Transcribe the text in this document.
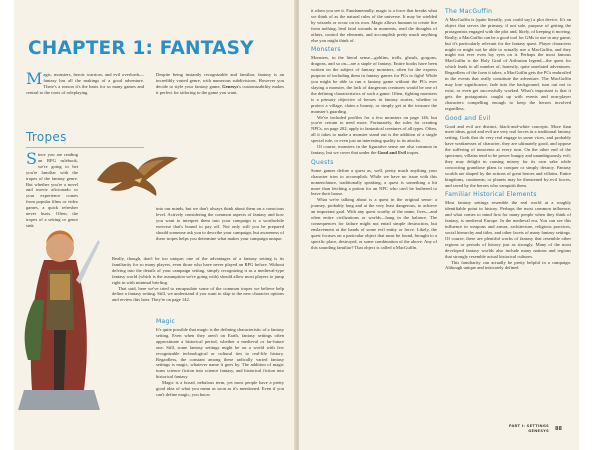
CHAPTER 1: FANTASY

Magic, monsters, heroic warriors, and evil overlords—fantasy has all the makings of a good adventure. There's a reason it's the basis for so many games and central to the roots of roleplaying.

Despite being instantly recognizable and familiar, fantasy is an incredibly varied genre, with numerous subdivisions. However you decide to style your fantasy game, Genesys's customizability makes it perfect for tailoring to the game you want.

Tropes

Since you are reading an RPG rulebook, we're going to bet you're familiar with the tropes of the fantasy genre. But whether you're a novel and movie aficionado or your experience comes from popular films or video games, a quick refresher never hurts. Often, the tropes of a setting or genre sink

into our minds, but we don't always think about them on a conscious level. Actively considering the common aspects of fantasy and how you want to interpret them into your campaign is a worthwhile exercise that's bound to pay off. Not only will you be prepared should someone ask you to describe your campaign, but awareness of these tropes helps you determine what makes your campaign unique.

Really, though, don't be too unique; one of the advantages of a fantasy setting is its familiarity for so many players, even those who have never played an RPG before. Without delving into the details of your campaign setting, simply recognizing it as a medieval-type fantasy world (which is the assumption we're going with) should allow most players to jump right in with minimal briefing.

That said, here we've tried to encapsulate some of the common tropes we believe help define a fantasy setting. Still, we understand if you want to skip to the new character options and review this later. They're on page 142.

Magic

It's quite possible that magic is the defining characteristic of a fantasy setting. Even when they aren't on Earth, fantasy settings often approximate a historical period, whether a medieval or far-future one. Still, some fantasy settings might be on a world with few recognizable technological or cultural ties to real-life history. Regardless, the constant among these radically varied fantasy settings is magic, whatever name it goes by. The addition of magic turns science fiction into science fantasy, and historical fiction into historical fantasy.

Magic is a broad, nebulous term, yet most people have a pretty good idea of what you mean as soon as it's mentioned. Even if you can't define magic, you know

it when you see it. Fundamentally, magic is a force that breaks what we think of as the natural rules of the universe. It may be wielded by wizards or occur on its own. Magic allows humans to create fire from nothing, heal fatal wounds in moments, read the thoughts of others, control the elements, and accomplish pretty much anything else you might think of.

Monsters

Monsters, in the literal sense—goblins, trolls, ghouls, gorgons, dragons, and so on—are a staple of fantasy. Entire books have been written on the subject of fantasy monsters, often for the express purpose of including them in fantasy games for PCs to fight! While you might be able to run a fantasy game without the PCs ever slaying a monster, the lack of dangerous creatures would be one of the defining characteristics of such a game. Often, fighting monsters is a primary objective of heroes in fantasy stories, whether to protect a village, claim a bounty, or simply get at the treasure the monster's guarding.

We've included profiles for a few monsters on page 146, but you're certain to need more. Fortunately, the rules for creating NPCs, on page 202, apply to fantastical creatures of all types. Often, all it takes to make a monster stand out is the addition of a single special rule, or even just an interesting quality to its attacks.

Of course, monsters in the figurative sense are also common in fantasy, but we cover that under the Good and Evil tropes.

Quests

Some games define a quest as, well, pretty much anything your character tries to accomplish. While we have no issue with this nomenclature, traditionally speaking, a quest is something a bit more than fetching a potion for an NPC who can't be bothered to leave their house.

What we're talking about is a quest in the original sense: a journey, probably long and at the very least dangerous, to achieve an important goal. With any quest worthy of the name, lives—and often entire civilizations or worlds—hang in the balance. The consequences for failure might not entail simple destruction, but enslavement at the hands of some evil entity or force. Likely, the quest focuses on a particular object that must be found, brought to a specific place, destroyed, or some combination of the above. Any of this sounding familiar? That object is called a MacGuffin.

The MacGuffin

A MacGuffin is (quite literally, you could say) a plot device. It's an object that serves the primary, if not sole, purpose of getting the protagonists engaged with the plot and, likely, of keeping it moving. Really, a MacGuffin can be a good tool for GMs to use in any game, but it's particularly relevant for the fantasy quest. Player characters might or might not be able to actually use a MacGuffin, and they might not ever even lay eyes on it. Perhaps the most famous MacGuffin is the Holy Grail of Arthurian legend—the quest for which leads to all number of, honestly, quite unrelated adventures. Regardless of the form it takes, a MacGuffin gets the PCs embroiled in the events that really constitute the adventure. The MacGuffin may lose significance, fade into the background, turn out not to exist, or even get successfully worked. What's important is that it gets the protagonists caught up with events and non-player characters compelling enough to keep the heroes involved regardless.

Good and Evil

Good and evil are distinct, black-and-white concepts. More than mere ideas, good and evil are very real forces in a traditional fantasy setting. Gods that do very real engage in some vices, and probably have weaknesses of character, they are ultimately good, and oppose the suffering of innocents at every turn. On the other end of the spectrum, villains tend to be power hungry and unambiguously evil; they may delight in causing misery for its own sake while concocting grandiose plans to conquer or simply destroy. Fantasy worlds are shaped by the actions of great heroes and villains. Entire kingdoms, continents, or planets may be threatened by evil forces, and saved by the heroes who vanquish them.

Familiar Historical Elements

Most fantasy settings resemble the real world at a roughly identifiable point in history. Perhaps the most common influence, and what comes to mind first for many people when they think of fantasy, is medieval Europe. In the medieval era, You can see this influence in weapons and armor, architecture, religious practices, social hierarchy and titles, and other facets of many fantasy settings. Of course, there are plentiful works of fantasy that resemble other regions or periods of history just as strongly. Many of the most developed fantasy worlds also include many nations and regions that strongly resemble actual historical cultures.

This familiarity can actually be pretty helpful in a campaign. Although unique and intricately defined

PART I: SETTINGS
GENESYS 88
